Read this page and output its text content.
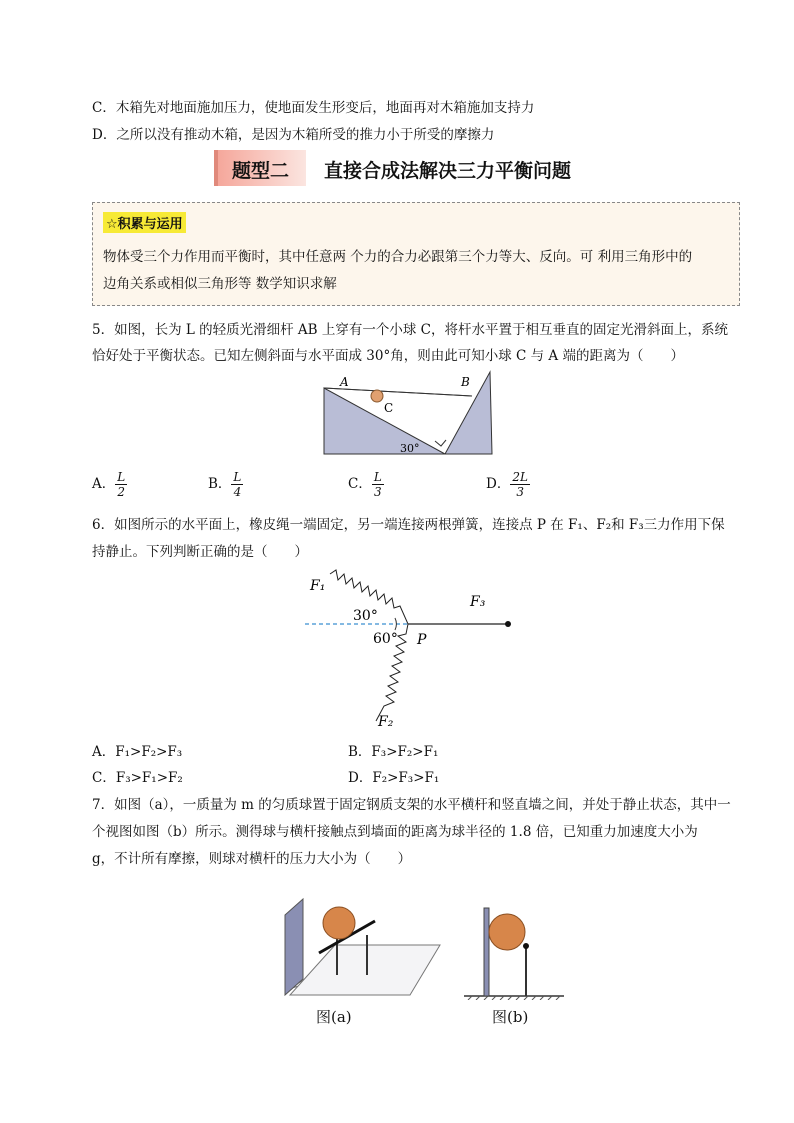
C．木箱先对地面施加压力，使地面发生形变后，地面再对木箱施加支持力
D．之所以没有推动木箱，是因为木箱所受的推力小于所受的摩擦力
题型二 直接合成法解决三力平衡问题
☆积累与运用
物体受三个力作用而平衡时，其中任意两 个力的合力必跟第三个力等大、反向。可 利用三角形中的
边角关系或相似三角形等 数学知识求解
5．如图，长为 L 的轻质光滑细杆 AB 上穿有一个小球 C，将杆水平置于相互垂直的固定光滑斜面上，系统
恰好处于平衡状态。已知左侧斜面与水平面成 30°角，则由此可知小球 C 与 A 端的距离为（　　）
A	B
C
30°
A． $\frac{L}{2}$	B． $\frac{L}{4}$	C． $\frac{L}{3}$	D． $\frac{2L}{3}$
6．如图所示的水平面上，橡皮绳一端固定，另一端连接两根弹簧，连接点 P 在 F₁、F₂和 F₃三力作用下保
持静止。下列判断正确的是（　　）
F₁
F₃
F₂
30°
60° P
A．F₁>F₂>F₃	B．F₃>F₂>F₁
C．F₃>F₁>F₂	D．F₂>F₃>F₁
7．如图（a），一质量为 m 的匀质球置于固定钢质支架的水平横杆和竖直墙之间，并处于静止状态，其中一
个视图如图（b）所示。测得球与横杆接触点到墙面的距离为球半径的 1.8 倍，已知重力加速度大小为
g，不计所有摩擦，则球对横杆的压力大小为（　　）
图(a)	图(b)
